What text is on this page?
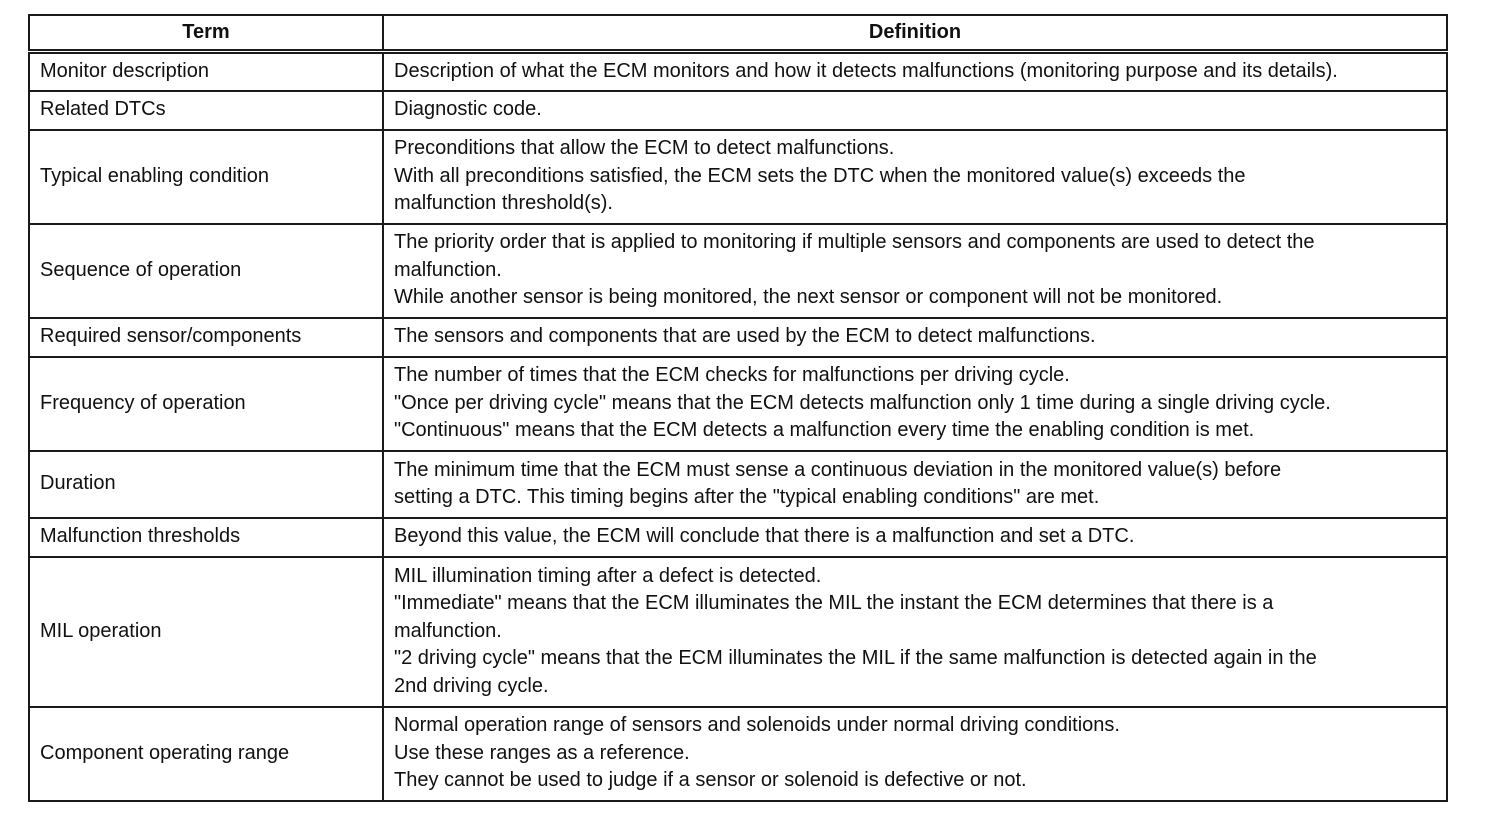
Term	Definition
Monitor description	Description of what the ECM monitors and how it detects malfunctions (monitoring purpose and its details).

Related DTCs	Diagnostic code.

Typical enabling condition	Preconditions that allow the ECM to detect malfunctions.
With all preconditions satisfied, the ECM sets the DTC when the monitored value(s) exceeds the
malfunction threshold(s).

Sequence of operation	The priority order that is applied to monitoring if multiple sensors and components are used to detect the
malfunction.
While another sensor is being monitored, the next sensor or component will not be monitored.

Required sensor/components	The sensors and components that are used by the ECM to detect malfunctions.

Frequency of operation	The number of times that the ECM checks for malfunctions per driving cycle.
"Once per driving cycle" means that the ECM detects malfunction only 1 time during a single driving cycle.
"Continuous" means that the ECM detects a malfunction every time the enabling condition is met.

Duration	The minimum time that the ECM must sense a continuous deviation in the monitored value(s) before
setting a DTC. This timing begins after the "typical enabling conditions" are met.

Malfunction thresholds	Beyond this value, the ECM will conclude that there is a malfunction and set a DTC.

MIL operation	MIL illumination timing after a defect is detected.
"Immediate" means that the ECM illuminates the MIL the instant the ECM determines that there is a
malfunction.
"2 driving cycle" means that the ECM illuminates the MIL if the same malfunction is detected again in the
2nd driving cycle.

Component operating range	Normal operation range of sensors and solenoids under normal driving conditions.
Use these ranges as a reference.
They cannot be used to judge if a sensor or solenoid is defective or not.
